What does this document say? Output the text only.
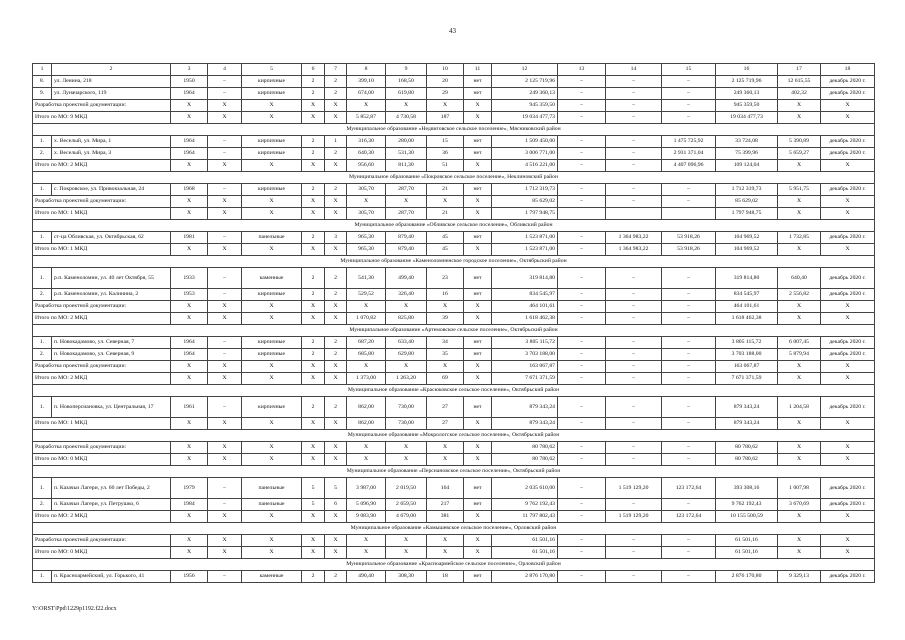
43
1	2	3	4	5	6	7	8	9	10	11	12	13	14	15	16	17	18
8.	ул. Ленина, 218	1950	–	кирпичные	2	2	399,10	168,50	20	нет	2 125 719,96	–	–	–	2 125 719,96	12 615,55	декабрь 2020 г.
9.	ул. Луначарского, 119	1964	–	кирпичные	2	2	674,00	619,80	29	нет	249 360,13	–	–	–	249 360,13	402,32	декабрь 2020 г.
Разработка проектной документации:		X	X	X	X	X	X	X	X	X	945 359,50	–	–	–	945 359,50	X	X
Итого по МО: 9 МКД		X	X	X	X	X	5 852,87	4 730,58	187	X	19 034 477,73	–	–	–	19 034 477,73	X	X
Муниципальное образование «Недвиговское сельское поселение», Мясниковский район																	
1.	х. Веселый, ул. Мира, 1	1964	–	кирпичные	2	1	316,30	280,00	15	нет	1 509 450,00	–	–	1 475 725,92	33 724,08	5 390,89	декабрь 2020 г.
2.	х. Веселый, ул. Мира, 3	1964	–	кирпичные	2	2	640,30	531,30	36	нет	3 006 771,00	–	–	2 931 371,04	75 399,96	5 659,27	декабрь 2020 г.
Итого по МО: 2 МКД		X	X	X	X	X	956,60	811,30	51	X	4 516 221,00	–	–	4 407 096,96	109 124,04	X	X
Муниципальное образование «Покровское сельское поселение», Неклиновский район																	
1.	с. Покровское, ул. Привокзальная, 24	1968	–	кирпичные	2	2	305,70	287,70	21	нет	1 712 319,73	–	–	–	1 712 319,73	5 951,75	декабрь 2020 г.
Разработка проектной документации:		X	X	X	X	X	X	X	X	X	85 629,02	–	–	–	85 629,02	X	X
Итого по МО: 1 МКД		X	X	X	X	X	305,70	287,70	21	X	1 797 948,75				1 797 948,75	X	X
Муниципальное образование «Обливское сельское поселение», Обливский район																	
1.	ст-ца Обливская, ул. Октябрьская, 62	1981	–	панельные	2	3	965,30	879,40	45	нет	1 523 871,00	–	1 364 983,22	53 918,26	104 969,52	1 732,85	декабрь 2020 г.
Итого по МО: 1 МКД		X	X	X	X	X	965,30	879,40	45	X	1 523 871,00	–	1 364 983,22	53 918,26	104 969,52	X	X
Муниципальное образование «Каменоломненское городское поселение», Октябрьский район																	
1.	р.п. Каменоломни, ул. 40 лет Октября, 55	1933	–	каменные	2	2	541,30	499,40	23	нет	319 814,80	–	–	–	319 814,80	640,40	декабрь 2020 г.
2.	р.п. Каменоломни, ул. Калинина, 2	1953	–	кирпичные	2	2	529,52	326,40	16	нет	834 545,97	–	–	–	834 545,97	2 556,82	декабрь 2020 г.
Разработка проектной документации:		X	X	X	X	X	X	X	X	X	464 101,61	–	–	–	464 101,61	X	X
Итого по МО: 2 МКД		X	X	X	X	X	1 070,82	825,80	39	X	1 618 462,38	–	–	–	1 618 462,38	X	X
Муниципальное образование «Артемовское сельское поселение», Октябрьский район																	
1.	п. Новокадамово, ул. Северная, 7	1964	–	кирпичные	2	2	687,20	633,40	34	нет	3 805 115,72	–	–	–	3 805 115,72	6 007,45	декабрь 2020 г.
2.	п. Новокадамово, ул. Северная, 9	1964	–	кирпичные	2	2	685,80	629,80	35	нет	3 703 188,00	–	–	–	3 703 188,00	5 879,94	декабрь 2020 г.
Разработка проектной документации:		X	X	X	X	X	X	X	X	X	163 067,87	–	–	–	163 067,87	X	X
Итого по МО: 2 МКД		X	X	X	X	X	1 373,00	1 263,20	69	X	7 671 371,59	–	–	–	7 671 371,59	X	X
Муниципальное образование «Красюковское сельское поселение», Октябрьский район																	
1.	п. Новоперсиановка, ул. Центральная, 17	1961	–	кирпичные	2	2	862,00	730,00	27	нет	879 343,24	–	–	–	879 343,24	1 204,58	декабрь 2020 г.
Итого по МО: 1 МКД		X	X	X	X	X	862,00	730,00	27	X	879 343,24	–	–	–	879 343,24	X	X
Муниципальное образование «Мокрологское сельское поселение», Октябрьский район																	
Разработка проектной документации:		X	X	X	X	X	X	X	X	X	80 780,62	–	–	–	80 780,62	X	X
Итого по МО: 0 МКД		X	X	X	X	X	X	X	X	X	80 780,62	–	–	–	80 780,62	X	X
Муниципальное образование «Персиановское сельское поселение», Октябрьский район																	
1.	п. Казачьи Лагери, ул. 60 лет Победы, 2	1979	–	панельные	5	5	3 987,00	2 019,50	164	нет	2 035 610,00	–	1 519 129,20	123 172,64	393 308,16	1 007,98	декабрь 2020 г.
2.	п. Казачьи Лагери, ул. Петрушко, 6	1984	–	панельные	5	6	5 096,90	2 659,50	217	нет	9 762 192,43	–	–	–	9 762 192,43	3 670,69	декабрь 2020 г.
Итого по МО: 2 МКД		X	X	X	X	X	9 083,90	4 679,00	381	X	11 797 802,43	–	1 519 129,20	123 172,64	10 155 500,59	X	X
Муниципальное образование «Камышевское сельское поселение», Орловский район																	
Разработка проектной документации:		X	X	X	X	X	X	X	X	X	61 501,16	–	–	–	61 501,16	X	X
Итого по МО: 0 МКД		X	X	X	X	X	X	X	X	X	61 501,16	–	–	–	61 501,16	X	X
Муниципальное образование «Красноармейское сельское поселение», Орловский район																	
1.	п. Красноармейский, ул. Горького, 41	1956	–	каменные	2	2	490,40	308,30	18	нет	2 876 170,80	–	–	–	2 876 170,80	9 329,13	декабрь 2020 г.
Y:\ORST\Ppd\1229p1192.f22.docx
